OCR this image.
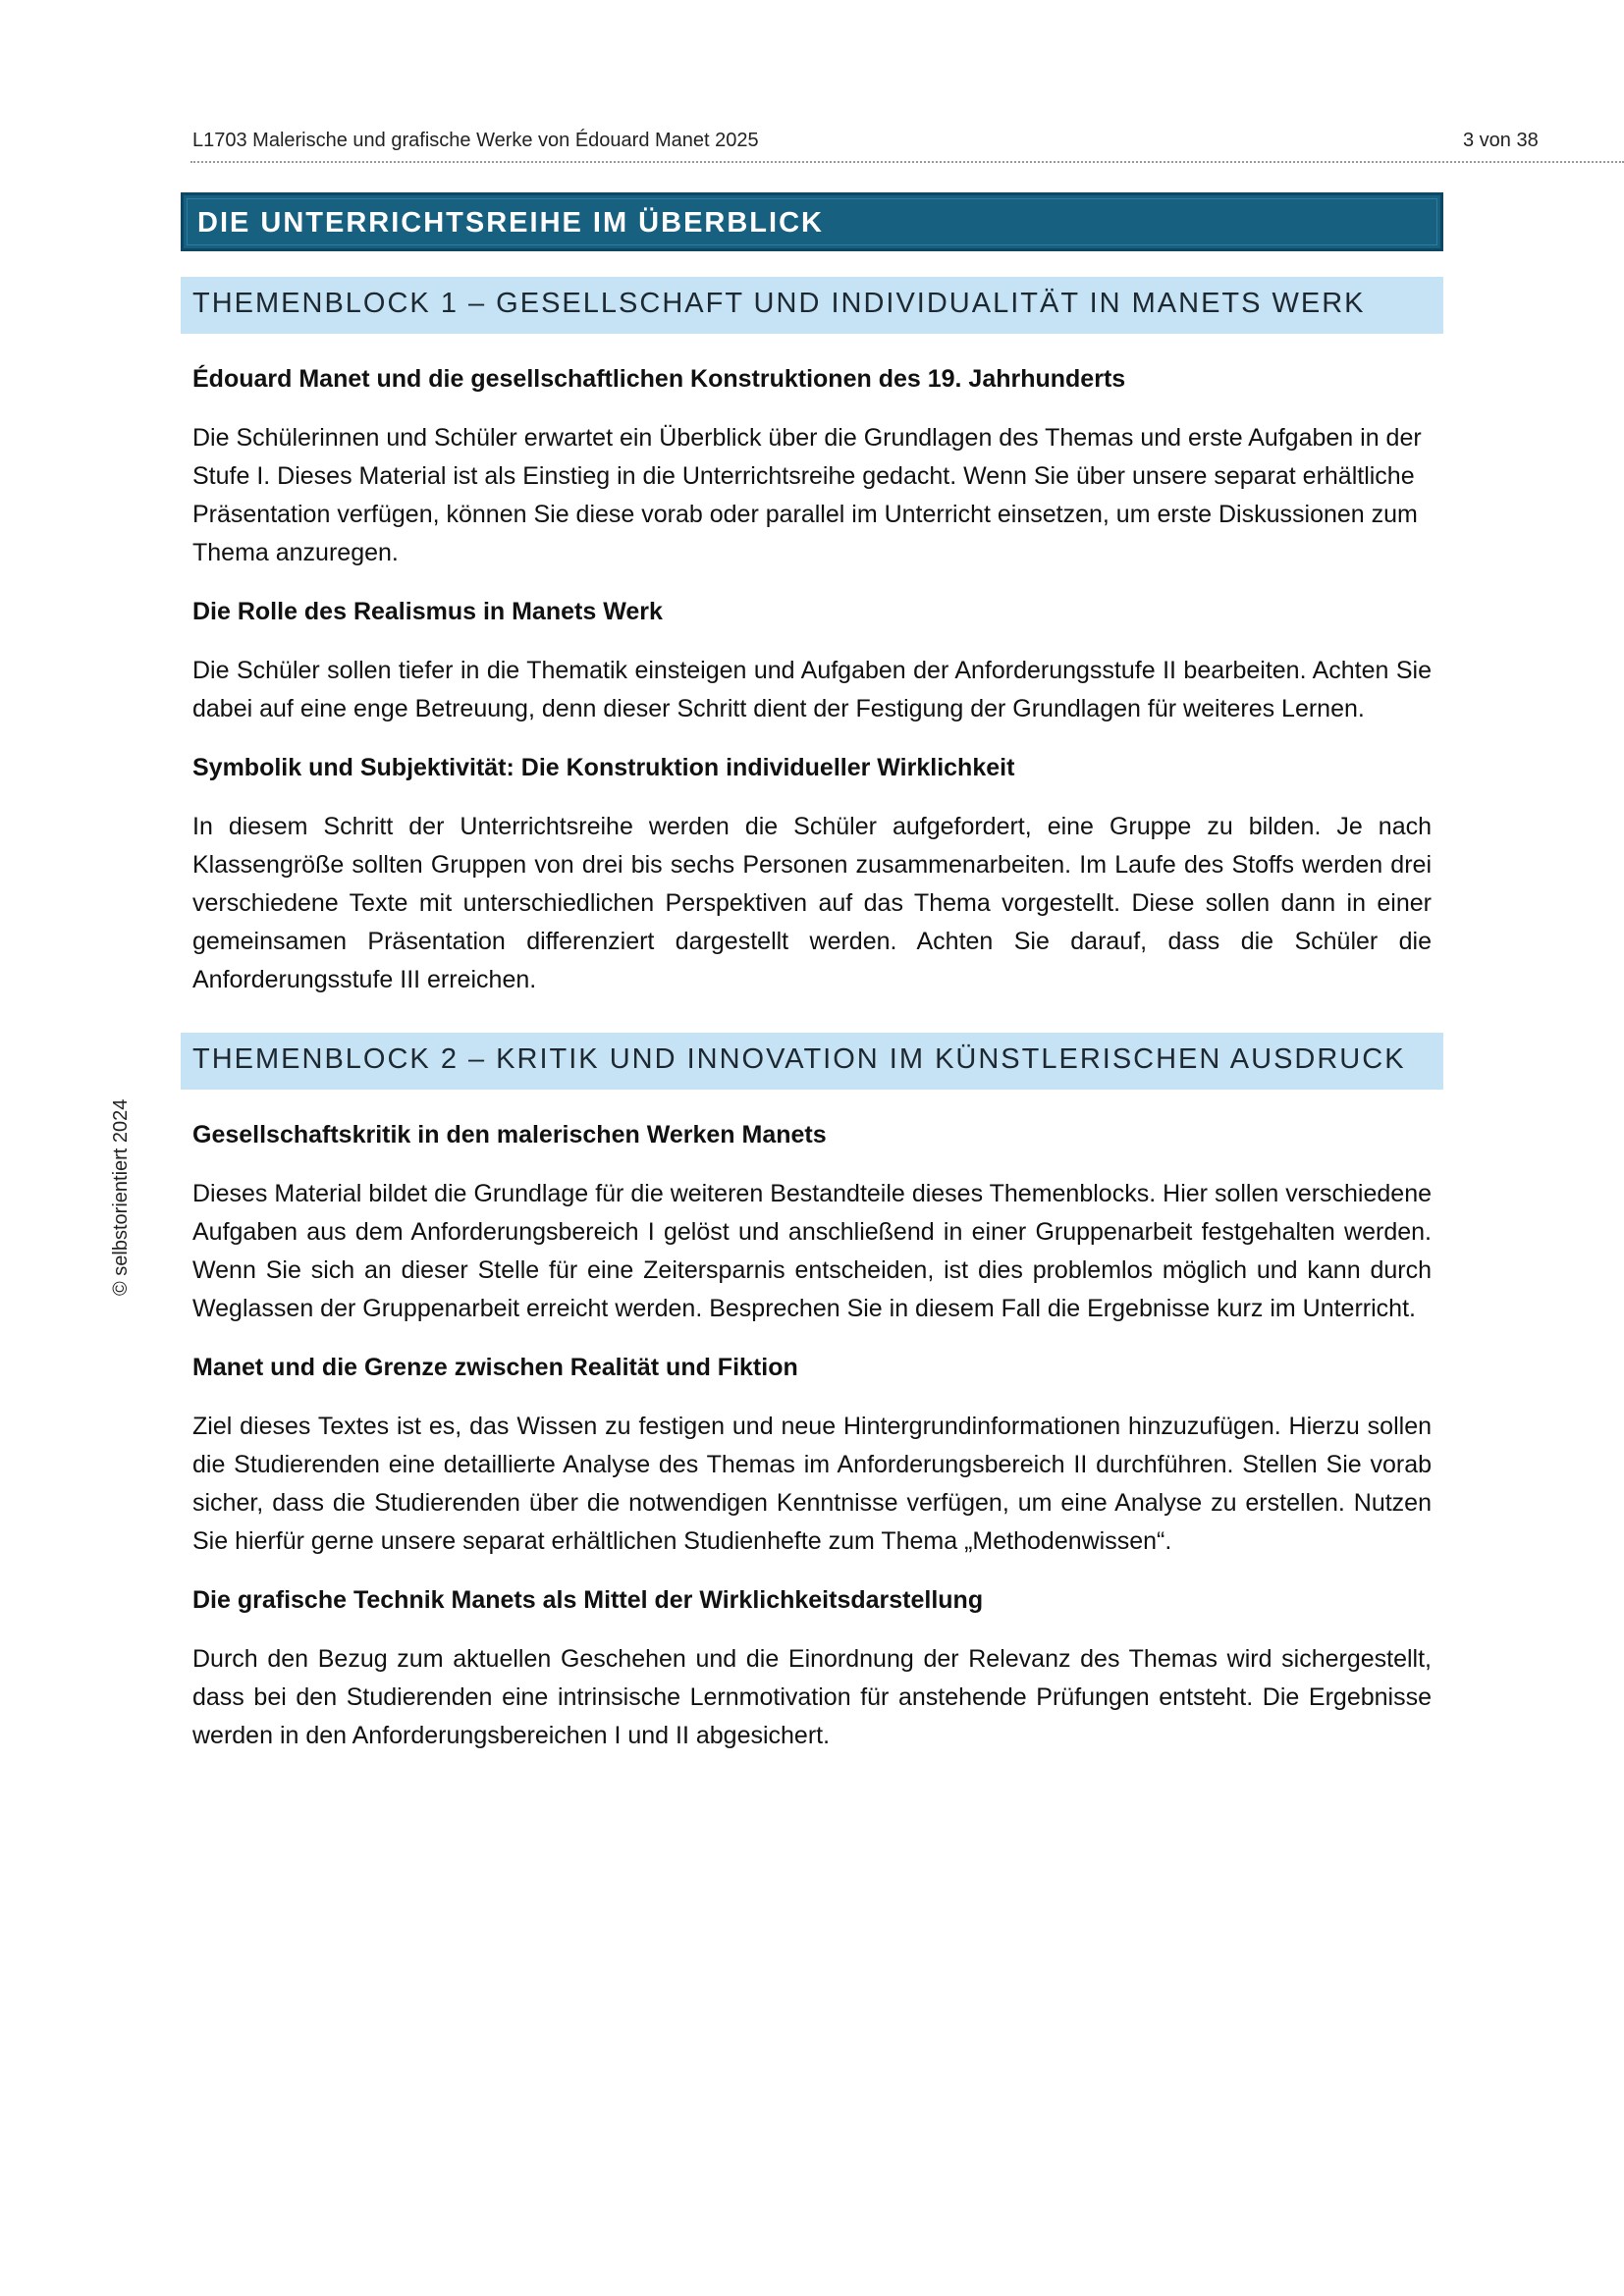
L1703 Malerische und grafische Werke von Édouard Manet 2025	3 von 38
© selbstorientiert 2024
DIE UNTERRICHTSREIHE IM ÜBERBLICK
THEMENBLOCK 1 – GESELLSCHAFT UND INDIVIDUALITÄT IN MANETS WERK

Édouard Manet und die gesellschaftlichen Konstruktionen des 19. Jahrhunderts

Die Schülerinnen und Schüler erwartet ein Überblick über die Grundlagen des Themas und erste Aufgaben in der Stufe I. Dieses Material ist als Einstieg in die Unterrichtsreihe gedacht. Wenn Sie über unsere separat erhältliche Präsentation verfügen, können Sie diese vorab oder parallel im Unterricht einsetzen, um erste Diskussionen zum Thema anzuregen.

Die Rolle des Realismus in Manets Werk

Die Schüler sollen tiefer in die Thematik einsteigen und Aufgaben der Anforderungsstufe II bearbeiten. Achten Sie dabei auf eine enge Betreuung, denn dieser Schritt dient der Festigung der Grundlagen für weiteres Lernen.

Symbolik und Subjektivität: Die Konstruktion individueller Wirklichkeit

In diesem Schritt der Unterrichtsreihe werden die Schüler aufgefordert, eine Gruppe zu bilden. Je nach Klassengröße sollten Gruppen von drei bis sechs Personen zusammenarbeiten. Im Laufe des Stoffs werden drei verschiedene Texte mit unterschiedlichen Perspektiven auf das Thema vorgestellt. Diese sollen dann in einer gemeinsamen Präsentation differenziert dargestellt werden. Achten Sie darauf, dass die Schüler die Anforderungsstufe III erreichen.

THEMENBLOCK 2 – KRITIK UND INNOVATION IM KÜNSTLERISCHEN AUSDRUCK

Gesellschaftskritik in den malerischen Werken Manets

Dieses Material bildet die Grundlage für die weiteren Bestandteile dieses Themenblocks. Hier sollen verschiedene Aufgaben aus dem Anforderungsbereich I gelöst und anschließend in einer Gruppenarbeit festgehalten werden. Wenn Sie sich an dieser Stelle für eine Zeitersparnis entscheiden, ist dies problemlos möglich und kann durch Weglassen der Gruppenarbeit erreicht werden. Besprechen Sie in diesem Fall die Ergebnisse kurz im Unterricht.

Manet und die Grenze zwischen Realität und Fiktion

Ziel dieses Textes ist es, das Wissen zu festigen und neue Hintergrundinformationen hinzuzufügen. Hierzu sollen die Studierenden eine detaillierte Analyse des Themas im Anforderungsbereich II durchführen. Stellen Sie vorab sicher, dass die Studierenden über die notwendigen Kenntnisse verfügen, um eine Analyse zu erstellen. Nutzen Sie hierfür gerne unsere separat erhältlichen Studienhefte zum Thema „Methodenwissen“.

Die grafische Technik Manets als Mittel der Wirklichkeitsdarstellung

Durch den Bezug zum aktuellen Geschehen und die Einordnung der Relevanz des Themas wird sichergestellt, dass bei den Studierenden eine intrinsische Lernmotivation für anstehende Prüfungen entsteht. Die Ergebnisse werden in den Anforderungsbereichen I und II abgesichert.
